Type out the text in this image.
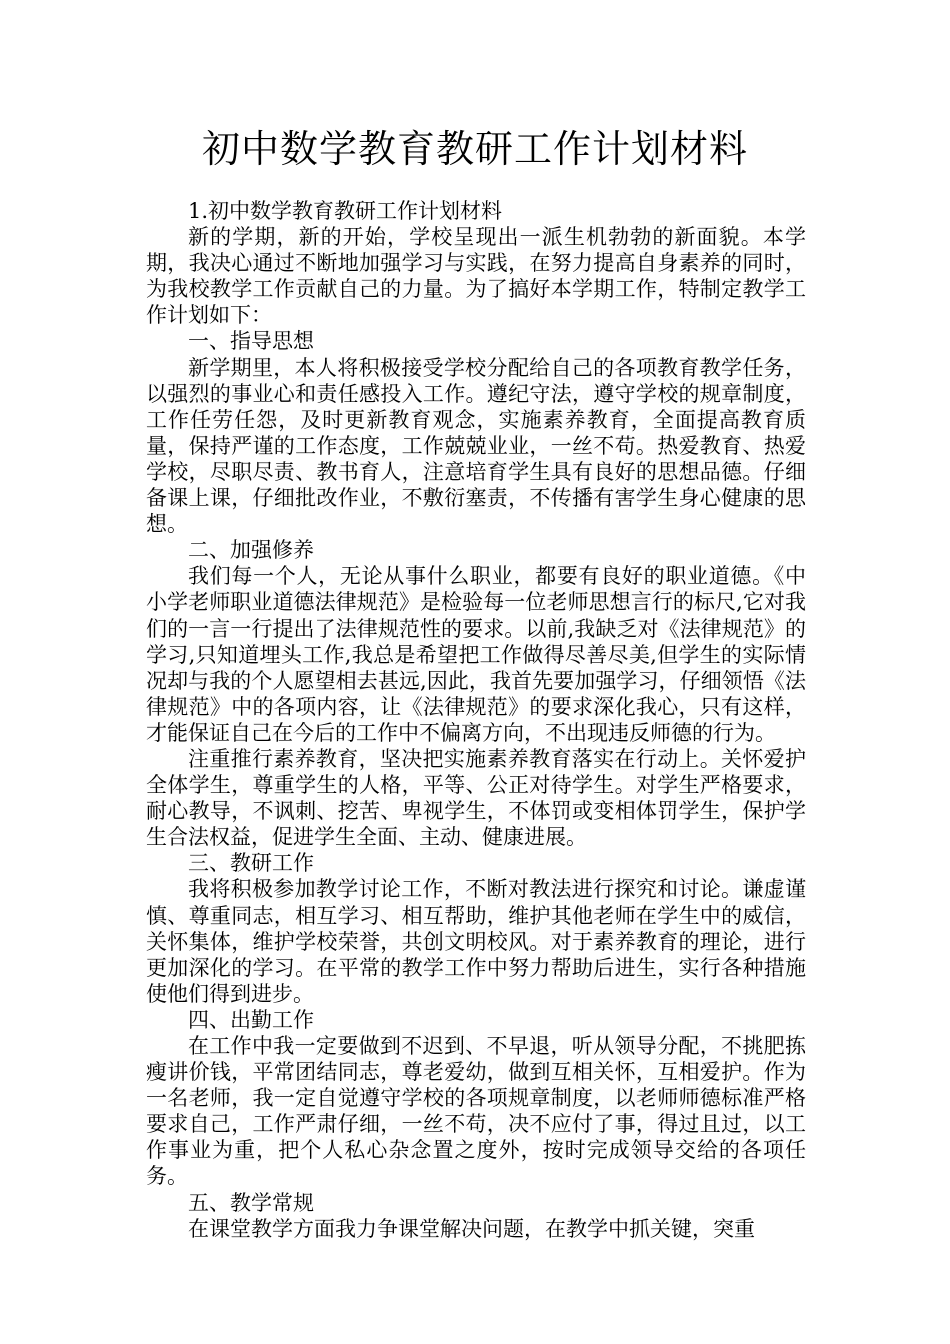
初中数学教育教研工作计划材料

1.初中数学教育教研工作计划材料

新的学期，新的开始，学校呈现出一派生机勃勃的新面貌。本学期，我决心通过不断地加强学习与实践，在努力提高自身素养的同时，为我校教学工作贡献自己的力量。为了搞好本学期工作，特制定教学工作计划如下：

一、指导思想

新学期里，本人将积极接受学校分配给自己的各项教育教学任务，以强烈的事业心和责任感投入工作。遵纪守法，遵守学校的规章制度，工作任劳任怨，及时更新教育观念，实施素养教育，全面提高教育质量，保持严谨的工作态度，工作兢兢业业，一丝不苟。热爱教育、热爱学校，尽职尽责、教书育人，注意培育学生具有良好的思想品德。仔细备课上课，仔细批改作业，不敷衍塞责，不传播有害学生身心健康的思想。

二、加强修养

我们每一个人，无论从事什么职业，都要有良好的职业道德。《中小学老师职业道德法律规范》是检验每一位老师思想言行的标尺,它对我们的一言一行提出了法律规范性的要求。以前,我缺乏对《法律规范》的学习,只知道埋头工作,我总是希望把工作做得尽善尽美,但学生的实际情况却与我的个人愿望相去甚远,因此，我首先要加强学习，仔细领悟《法律规范》中的各项内容，让《法律规范》的要求深化我心，只有这样，才能保证自己在今后的工作中不偏离方向，不出现违反师德的行为。

注重推行素养教育，坚决把实施素养教育落实在行动上。关怀爱护全体学生，尊重学生的人格，平等、公正对待学生。对学生严格要求，耐心教导，不讽刺、挖苦、卑视学生，不体罚或变相体罚学生，保护学生合法权益，促进学生全面、主动、健康进展。

三、教研工作

我将积极参加教学讨论工作，不断对教法进行探究和讨论。谦虚谨慎、尊重同志，相互学习、相互帮助，维护其他老师在学生中的威信，关怀集体，维护学校荣誉，共创文明校风。对于素养教育的理论，进行更加深化的学习。在平常的教学工作中努力帮助后进生，实行各种措施使他们得到进步。

四、出勤工作

在工作中我一定要做到不迟到、不早退，听从领导分配，不挑肥拣瘦讲价钱，平常团结同志，尊老爱幼，做到互相关怀，互相爱护。作为一名老师，我一定自觉遵守学校的各项规章制度，以老师师德标准严格要求自己，工作严肃仔细，一丝不苟，决不应付了事，得过且过，以工作事业为重，把个人私心杂念置之度外，按时完成领导交给的各项任务。

五、教学常规

在课堂教学方面我力争课堂解决问题，在教学中抓关键，突重
